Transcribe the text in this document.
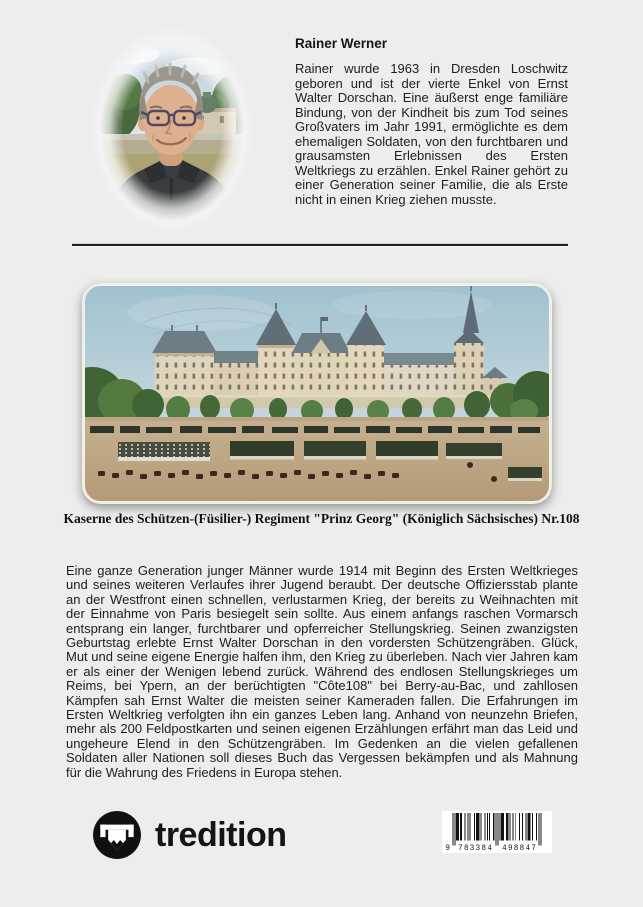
Rainer Werner

Rainer wurde 1963 in Dresden Loschwitz geboren und ist der vierte Enkel von Ernst Walter Dorschan. Eine äußerst enge familiäre Bindung, von der Kindheit bis zum Tod seines Großvaters im Jahr 1991, ermöglichte es dem ehemaligen Soldaten, von den furchtbaren und grausamsten Erlebnissen des Ersten Weltkriegs zu erzählen. Enkel Rainer gehört zu einer Generation seiner Familie, die als Erste nicht in einen Krieg ziehen musste.

Kaserne des Schützen-(Füsilier-) Regiment "Prinz Georg" (Königlich Sächsisches) Nr.108

Eine ganze Generation junger Männer wurde 1914 mit Beginn des Ersten Weltkrieges und seines weiteren Verlaufes ihrer Jugend beraubt. Der deutsche Offiziersstab plante an der Westfront einen schnellen, verlustarmen Krieg, der bereits zu Weihnachten mit der Einnahme von Paris besiegelt sein sollte. Aus einem anfangs raschen Vormarsch entsprang ein langer, furchtbarer und opferreicher Stellungskrieg. Seinen zwanzigsten Geburtstag erlebte Ernst Walter Dorschan in den vordersten Schützengräben. Glück, Mut und seine eigene Energie halfen ihm, den Krieg zu überleben. Nach vier Jahren kam er als einer der Wenigen lebend zurück. Während des endlosen Stellungskrieges um Reims, bei Ypern, an der berüchtigten "Côte108" bei Berry-au-Bac, und zahllosen Kämpfen sah Ernst Walter die meisten seiner Kameraden fallen. Die Erfahrungen im Ersten Weltkrieg verfolgten ihn ein ganzes Leben lang. Anhand von neunzehn Briefen, mehr als 200 Feldpostkarten und seinen eigenen Erzählungen erfährt man das Leid und ungeheure Elend in den Schützengräben. Im Gedenken an die vielen gefallenen Soldaten aller Nationen soll dieses Buch das Vergessen bekämpfen und als Mahnung für die Wahrung des Friedens in Europa stehen.

tredition	9 783384 498847
